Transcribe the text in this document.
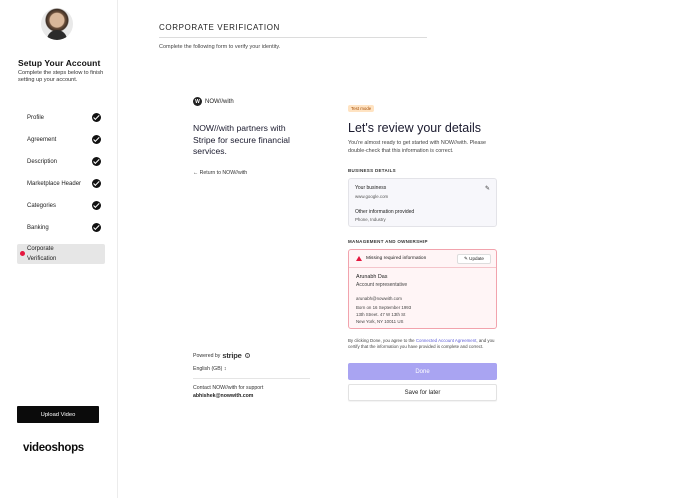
Setup Your Account
Complete the steps below to finish setting up your account.
Profile
Agreement
Description
Marketplace Header
Categories
Banking
Corporate Verification
Upload Video
videoshops
CORPORATE VERIFICATION
Complete the following form to verify your identity.
W NOW//with
NOW//with partners with Stripe for secure financial services.
← Return to NOW//with
Powered by stripe	i
English (GB) ↕
Contact NOW//with for support
abhishek@nowwith.com
Test mode
Let's review your details
You're almost ready to get started with NOW//with. Please double-check that this information is correct.
BUSINESS DETAILS
Your business
www.google.com
✎
Other information provided
Phone, Industry
MANAGEMENT AND OWNERSHIP
Missing required information	✎ Update
Arunabh Das
Account representative
arunabh@nowwith.com
Born on 16 September 1993
13th Street. 47 W 13th St
New York, NY 10011 US
By clicking Done, you agree to the Connected Account Agreement, and you certify that the information you have provided is complete and correct.
Done
Save for later
